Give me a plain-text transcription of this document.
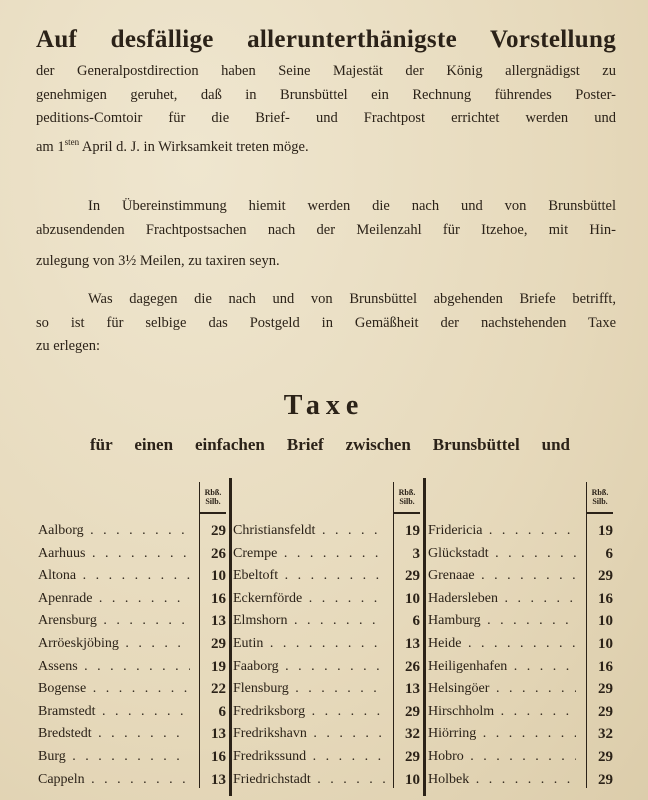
Auf desfällige allerunterthänigste Vorstellung
der Generalpostdirection haben Seine Majestät der König allergnädigst zu
genehmigen geruhet, daß in Brunsbüttel ein Rechnung führendes Poster-
peditions-Comtoir für die Brief- und Frachtpost errichtet werden und
am $1^{sten}$ April d. J. in Wirksamkeit treten möge.
In Übereinstimmung hiemit werden die nach und von Brunsbüttel
abzusendenden Frachtpostsachen nach der Meilenzahl für Itzehoe, mit Hin-
zulegung von 3½ Meilen, zu taxiren seyn.
Was dagegen die nach und von Brunsbüttel abgehenden Briefe betrifft,
so ist für selbige das Postgeld in Gemäßheit der nachstehenden Taxe
zu erlegen:
Taxe
für einen einfachen Brief zwischen Brunsbüttel und
Rbß. Silb.
Aalborg . . .	29
Aarhuus . . .	26
Altona . . .	10
Apenrade . . .	16
Arensburg . . .	13
Arröeskjöbing . . .	29
Assens . . .	19
Bogense . . .	22
Bramstedt . . .	6
Bredstedt . . .	13
Burg . . .	16
Cappeln . . .	13
Rbß. Silb.
Christiansfeldt . . .	19
Crempe . . .	3
Ebeltoft . . .	29
Eckernförde . . .	10
Elmshorn . . .	6
Eutin . . .	13
Faaborg . . .	26
Flensburg . . .	13
Fredriksborg . . .	29
Fredrikshavn . . .	32
Fredrikssund . . .	29
Friedrichstadt . . .	10
Rbß. Silb.
Fridericia . . .	19
Glückstadt . . .	6
Grenaae . . .	29
Hadersleben . . .	16
Hamburg . . .	10
Heide . . .	10
Heiligenhafen . . .	16
Helsingöer . . .	29
Hirschholm . . .	29
Hiörring . . .	32
Hobro . . .	29
Holbek . . .	29
